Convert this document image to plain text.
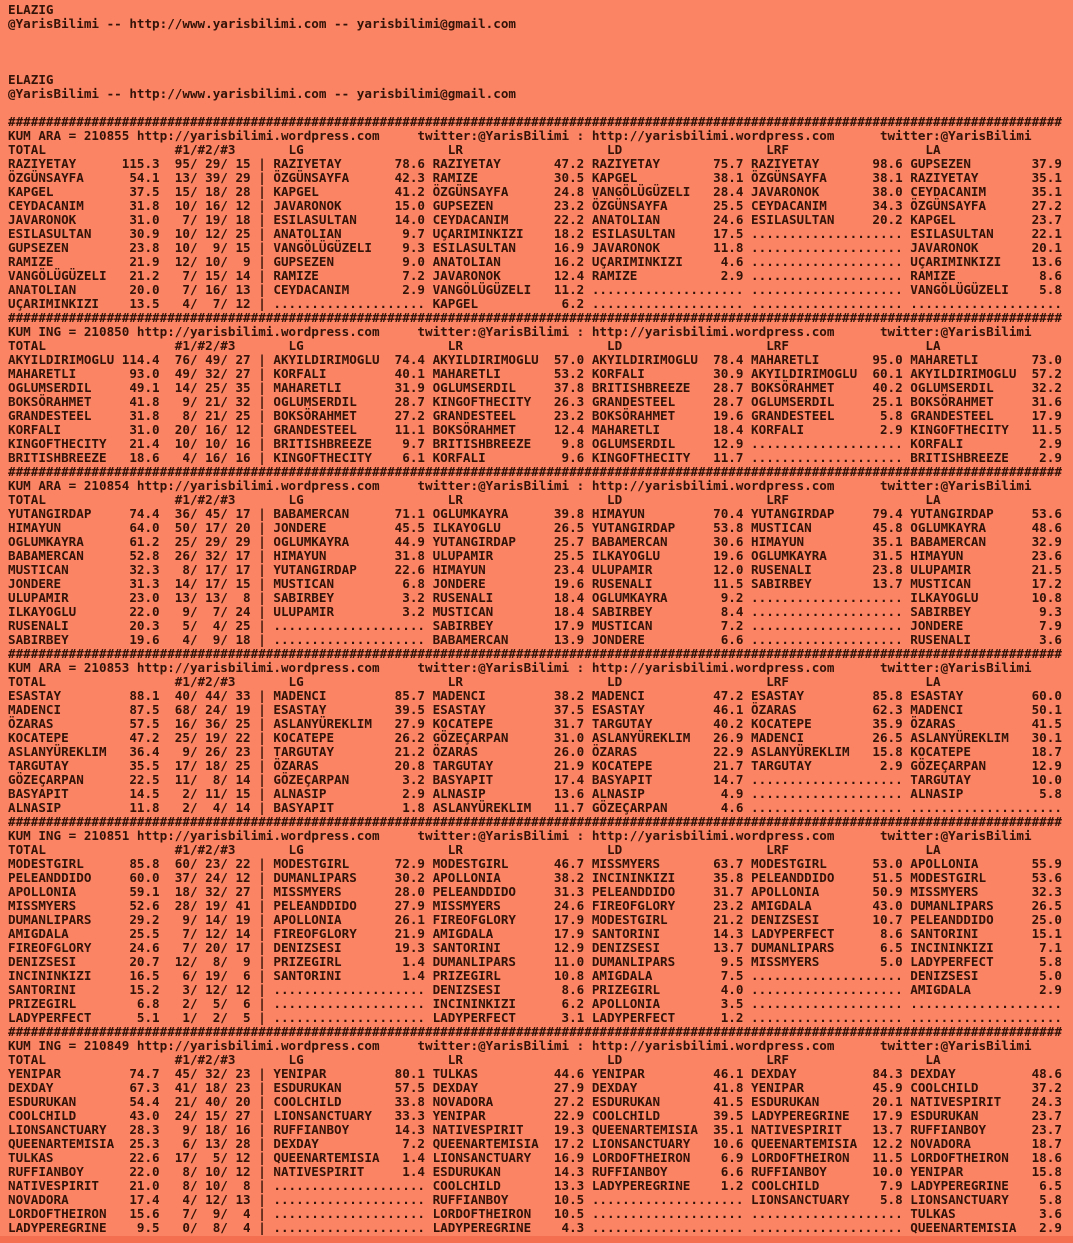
ELAZIG
@YarisBilimi -- http://www.yarisbilimi.com -- yarisbilimi@gmail.com
ELAZIG
@YarisBilimi -- http://www.yarisbilimi.com -- yarisbilimi@gmail.com
###########################################################################################################################################
KUM ARA = 210855 http://yarisbilimi.wordpress.com     twitter:@YarisBilimi : http://yarisbilimi.wordpress.com      twitter:@YarisBilimi
TOTAL                 #1/#2/#3       LG                   LR                   LD                   LRF                  LA
RAZIYETAY      115.3  95/ 29/ 15 | RAZIYETAY       78.6 RAZIYETAY       47.2 RAZIYETAY       75.7 RAZIYETAY       98.6 GUPSEZEN        37.9
ÖZGÜNSAYFA      54.1  13/ 39/ 29 | ÖZGÜNSAYFA      42.3 RAMIZE          30.5 KAPGEL          38.1 ÖZGÜNSAYFA      38.1 RAZIYETAY       35.1
KAPGEL          37.5  15/ 18/ 28 | KAPGEL          41.2 ÖZGÜNSAYFA      24.8 VANGÖLÜGÜZELI   28.4 JAVARONOK       38.0 CEYDACANIM      35.1
CEYDACANIM      31.8  10/ 16/ 12 | JAVARONOK       15.0 GUPSEZEN        23.2 ÖZGÜNSAYFA      25.5 CEYDACANIM      34.3 ÖZGÜNSAYFA      27.2
JAVARONOK       31.0   7/ 19/ 18 | ESILASULTAN     14.0 CEYDACANIM      22.2 ANATOLIAN       24.6 ESILASULTAN     20.2 KAPGEL          23.7
ESILASULTAN     30.9  10/ 12/ 25 | ANATOLIAN        9.7 UÇARIMINKIZI    18.2 ESILASULTAN     17.5 .................... ESILASULTAN     22.1
GUPSEZEN        23.8  10/  9/ 15 | VANGÖLÜGÜZELI    9.3 ESILASULTAN     16.9 JAVARONOK       11.8 .................... JAVARONOK       20.1
RAMIZE          21.9  12/ 10/  9 | GUPSEZEN         9.0 ANATOLIAN       16.2 UÇARIMINKIZI     4.6 .................... UÇARIMINKIZI    13.6
VANGÖLÜGÜZELI   21.2   7/ 15/ 14 | RAMIZE           7.2 JAVARONOK       12.4 RAMIZE           2.9 .................... RAMIZE           8.6
ANATOLIAN       20.0   7/ 16/ 13 | CEYDACANIM       2.9 VANGÖLÜGÜZELI   11.2 .................... .................... VANGÖLÜGÜZELI    5.8
UÇARIMINKIZI    13.5   4/  7/ 12 | .................... KAPGEL           6.2 .................... .................... ....................
###########################################################################################################################################
KUM ING = 210850 http://yarisbilimi.wordpress.com     twitter:@YarisBilimi : http://yarisbilimi.wordpress.com      twitter:@YarisBilimi
TOTAL                 #1/#2/#3       LG                   LR                   LD                   LRF                  LA
AKYILDIRIMOGLU 114.4  76/ 49/ 27 | AKYILDIRIMOGLU  74.4 AKYILDIRIMOGLU  57.0 AKYILDIRIMOGLU  78.4 MAHARETLI       95.0 MAHARETLI       73.0
MAHARETLI       93.0  49/ 32/ 27 | KORFALI         40.1 MAHARETLI       53.2 KORFALI         30.9 AKYILDIRIMOGLU  60.1 AKYILDIRIMOGLU  57.2
OGLUMSERDIL     49.1  14/ 25/ 35 | MAHARETLI       31.9 OGLUMSERDIL     37.8 BRITISHBREEZE   28.7 BOKSÖRAHMET     40.2 OGLUMSERDIL     32.2
BOKSÖRAHMET     41.8   9/ 21/ 32 | OGLUMSERDIL     28.7 KINGOFTHECITY   26.3 GRANDESTEEL     28.7 OGLUMSERDIL     25.1 BOKSÖRAHMET     31.6
GRANDESTEEL     31.8   8/ 21/ 25 | BOKSÖRAHMET     27.2 GRANDESTEEL     23.2 BOKSÖRAHMET     19.6 GRANDESTEEL      5.8 GRANDESTEEL     17.9
KORFALI         31.0  20/ 16/ 12 | GRANDESTEEL     11.1 BOKSÖRAHMET     12.4 MAHARETLI       18.4 KORFALI          2.9 KINGOFTHECITY   11.5
KINGOFTHECITY   21.4  10/ 10/ 16 | BRITISHBREEZE    9.7 BRITISHBREEZE    9.8 OGLUMSERDIL     12.9 .................... KORFALI          2.9
BRITISHBREEZE   18.6   4/ 16/ 16 | KINGOFTHECITY    6.1 KORFALI          9.6 KINGOFTHECITY   11.7 .................... BRITISHBREEZE    2.9
###########################################################################################################################################
KUM ARA = 210854 http://yarisbilimi.wordpress.com     twitter:@YarisBilimi : http://yarisbilimi.wordpress.com      twitter:@YarisBilimi
TOTAL                 #1/#2/#3       LG                   LR                   LD                   LRF                  LA
YUTANGIRDAP     74.4  36/ 45/ 17 | BABAMERCAN      71.1 OGLUMKAYRA      39.8 HIMAYUN         70.4 YUTANGIRDAP     79.4 YUTANGIRDAP     53.6
HIMAYUN         64.0  50/ 17/ 20 | JONDERE         45.5 ILKAYOGLU       26.5 YUTANGIRDAP     53.8 MUSTICAN        45.8 OGLUMKAYRA      48.6
OGLUMKAYRA      61.2  25/ 29/ 29 | OGLUMKAYRA      44.9 YUTANGIRDAP     25.7 BABAMERCAN      30.6 HIMAYUN         35.1 BABAMERCAN      32.9
BABAMERCAN      52.8  26/ 32/ 17 | HIMAYUN         31.8 ULUPAMIR        25.5 ILKAYOGLU       19.6 OGLUMKAYRA      31.5 HIMAYUN         23.6
MUSTICAN        32.3   8/ 17/ 17 | YUTANGIRDAP     22.6 HIMAYUN         23.4 ULUPAMIR        12.0 RUSENALI        23.8 ULUPAMIR        21.5
JONDERE         31.3  14/ 17/ 15 | MUSTICAN         6.8 JONDERE         19.6 RUSENALI        11.5 SABIRBEY        13.7 MUSTICAN        17.2
ULUPAMIR        23.0  13/ 13/  8 | SABIRBEY         3.2 RUSENALI        18.4 OGLUMKAYRA       9.2 .................... ILKAYOGLU       10.8
ILKAYOGLU       22.0   9/  7/ 24 | ULUPAMIR         3.2 MUSTICAN        18.4 SABIRBEY         8.4 .................... SABIRBEY         9.3
RUSENALI        20.3   5/  4/ 25 | .................... SABIRBEY        17.9 MUSTICAN         7.2 .................... JONDERE          7.9
SABIRBEY        19.6   4/  9/ 18 | .................... BABAMERCAN      13.9 JONDERE          6.6 .................... RUSENALI         3.6
###########################################################################################################################################
KUM ARA = 210853 http://yarisbilimi.wordpress.com     twitter:@YarisBilimi : http://yarisbilimi.wordpress.com      twitter:@YarisBilimi
TOTAL                 #1/#2/#3       LG                   LR                   LD                   LRF                  LA
ESASTAY         88.1  40/ 44/ 33 | MADENCI         85.7 MADENCI         38.2 MADENCI         47.2 ESASTAY         85.8 ESASTAY         60.0
MADENCI         87.5  68/ 24/ 19 | ESASTAY         39.5 ESASTAY         37.5 ESASTAY         46.1 ÖZARAS          62.3 MADENCI         50.1
ÖZARAS          57.5  16/ 36/ 25 | ASLANYÜREKLIM   27.9 KOCATEPE        31.7 TARGUTAY        40.2 KOCATEPE        35.9 ÖZARAS          41.5
KOCATEPE        47.2  25/ 19/ 22 | KOCATEPE        26.2 GÖZEÇARPAN      31.0 ASLANYÜREKLIM   26.9 MADENCI         26.5 ASLANYÜREKLIM   30.1
ASLANYÜREKLIM   36.4   9/ 26/ 23 | TARGUTAY        21.2 ÖZARAS          26.0 ÖZARAS          22.9 ASLANYÜREKLIM   15.8 KOCATEPE        18.7
TARGUTAY        35.5  17/ 18/ 25 | ÖZARAS          20.8 TARGUTAY        21.9 KOCATEPE        21.7 TARGUTAY         2.9 GÖZEÇARPAN      12.9
GÖZEÇARPAN      22.5  11/  8/ 14 | GÖZEÇARPAN       3.2 BASYAPIT        17.4 BASYAPIT        14.7 .................... TARGUTAY        10.0
BASYAPIT        14.5   2/ 11/ 15 | ALNASIP          2.9 ALNASIP         13.6 ALNASIP          4.9 .................... ALNASIP          5.8
ALNASIP         11.8   2/  4/ 14 | BASYAPIT         1.8 ASLANYÜREKLIM   11.7 GÖZEÇARPAN       4.6 .................... ....................
###########################################################################################################################################
KUM ING = 210851 http://yarisbilimi.wordpress.com     twitter:@YarisBilimi : http://yarisbilimi.wordpress.com      twitter:@YarisBilimi
TOTAL                 #1/#2/#3       LG                   LR                   LD                   LRF                  LA
MODESTGIRL      85.8  60/ 23/ 22 | MODESTGIRL      72.9 MODESTGIRL      46.7 MISSMYERS       63.7 MODESTGIRL      53.0 APOLLONIA       55.9
PELEANDDIDO     60.0  37/ 24/ 12 | DUMANLIPARS     30.2 APOLLONIA       38.2 INCININKIZI     35.8 PELEANDDIDO     51.5 MODESTGIRL      53.6
APOLLONIA       59.1  18/ 32/ 27 | MISSMYERS       28.0 PELEANDDIDO     31.3 PELEANDDIDO     31.7 APOLLONIA       50.9 MISSMYERS       32.3
MISSMYERS       52.6  28/ 19/ 41 | PELEANDDIDO     27.9 MISSMYERS       24.6 FIREOFGLORY     23.2 AMIGDALA        43.0 DUMANLIPARS     26.5
DUMANLIPARS     29.2   9/ 14/ 19 | APOLLONIA       26.1 FIREOFGLORY     17.9 MODESTGIRL      21.2 DENIZSESI       10.7 PELEANDDIDO     25.0
AMIGDALA        25.5   7/ 12/ 14 | FIREOFGLORY     21.9 AMIGDALA        17.9 SANTORINI       14.3 LADYPERFECT      8.6 SANTORINI       15.1
FIREOFGLORY     24.6   7/ 20/ 17 | DENIZSESI       19.3 SANTORINI       12.9 DENIZSESI       13.7 DUMANLIPARS      6.5 INCININKIZI      7.1
DENIZSESI       20.7  12/  8/  9 | PRIZEGIRL        1.4 DUMANLIPARS     11.0 DUMANLIPARS      9.5 MISSMYERS        5.0 LADYPERFECT      5.8
INCININKIZI     16.5   6/ 19/  6 | SANTORINI        1.4 PRIZEGIRL       10.8 AMIGDALA         7.5 .................... DENIZSESI        5.0
SANTORINI       15.2   3/ 12/ 12 | .................... DENIZSESI        8.6 PRIZEGIRL        4.0 .................... AMIGDALA         2.9
PRIZEGIRL        6.8   2/  5/  6 | .................... INCININKIZI      6.2 APOLLONIA        3.5 .................... ....................
LADYPERFECT      5.1   1/  2/  5 | .................... LADYPERFECT      3.1 LADYPERFECT      1.2 .................... ....................
###########################################################################################################################################
KUM ING = 210849 http://yarisbilimi.wordpress.com     twitter:@YarisBilimi : http://yarisbilimi.wordpress.com      twitter:@YarisBilimi
TOTAL                 #1/#2/#3       LG                   LR                   LD                   LRF                  LA
YENIPAR         74.7  45/ 32/ 23 | YENIPAR         80.1 TULKAS          44.6 YENIPAR         46.1 DEXDAY          84.3 DEXDAY          48.6
DEXDAY          67.3  41/ 18/ 23 | ESDURUKAN       57.5 DEXDAY          27.9 DEXDAY          41.8 YENIPAR         45.9 COOLCHILD       37.2
ESDURUKAN       54.4  21/ 40/ 20 | COOLCHILD       33.8 NOVADORA        27.2 ESDURUKAN       41.5 ESDURUKAN       20.1 NATIVESPIRIT    24.3
COOLCHILD       43.0  24/ 15/ 27 | LIONSANCTUARY   33.3 YENIPAR         22.9 COOLCHILD       39.5 LADYPEREGRINE   17.9 ESDURUKAN       23.7
LIONSANCTUARY   28.3   9/ 18/ 16 | RUFFIANBOY      14.3 NATIVESPIRIT    19.3 QUEENARTEMISIA  35.1 NATIVESPIRIT    13.7 RUFFIANBOY      23.7
QUEENARTEMISIA  25.3   6/ 13/ 28 | DEXDAY           7.2 QUEENARTEMISIA  17.2 LIONSANCTUARY   10.6 QUEENARTEMISIA  12.2 NOVADORA        18.7
TULKAS          22.6  17/  5/ 12 | QUEENARTEMISIA   1.4 LIONSANCTUARY   16.9 LORDOFTHEIRON    6.9 LORDOFTHEIRON   11.5 LORDOFTHEIRON   18.6
RUFFIANBOY      22.0   8/ 10/ 12 | NATIVESPIRIT     1.4 ESDURUKAN       14.3 RUFFIANBOY       6.6 RUFFIANBOY      10.0 YENIPAR         15.8
NATIVESPIRIT    21.0   8/ 10/  8 | .................... COOLCHILD       13.3 LADYPEREGRINE    1.2 COOLCHILD        7.9 LADYPEREGRINE    6.5
NOVADORA        17.4   4/ 12/ 13 | .................... RUFFIANBOY      10.5 .................... LIONSANCTUARY    5.8 LIONSANCTUARY    5.8
LORDOFTHEIRON   15.6   7/  9/  4 | .................... LORDOFTHEIRON   10.5 .................... .................... TULKAS           3.6
LADYPEREGRINE    9.5   0/  8/  4 | .................... LADYPEREGRINE    4.3 .................... .................... QUEENARTEMISIA   2.9
